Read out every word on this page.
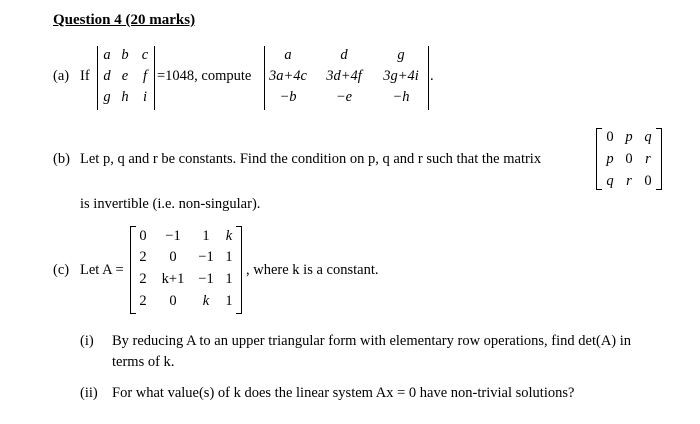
Question 4 (20 marks)
(a) If
a b c
d e	f
g h i
=1048, compute
a	d	g
3a+4c	3d+4f	3g+4i
−b	−e	−h
.
(b) Let p, q and r be constants. Find the condition on p, q and r such that the matrix
0 p q
p 0 r
q r 0
is invertible (i.e. non-singular).
(c) Let A =
0	−1	1	k
2	0	−1 1
2	k+1 −1 1
2	0	k	1
, where k is a constant.
(i) By reducing A to an upper triangular form with elementary row operations, find det(A) in
terms of k.
(ii) For what value(s) of k does the linear system Ax = 0 have non-trivial solutions?
